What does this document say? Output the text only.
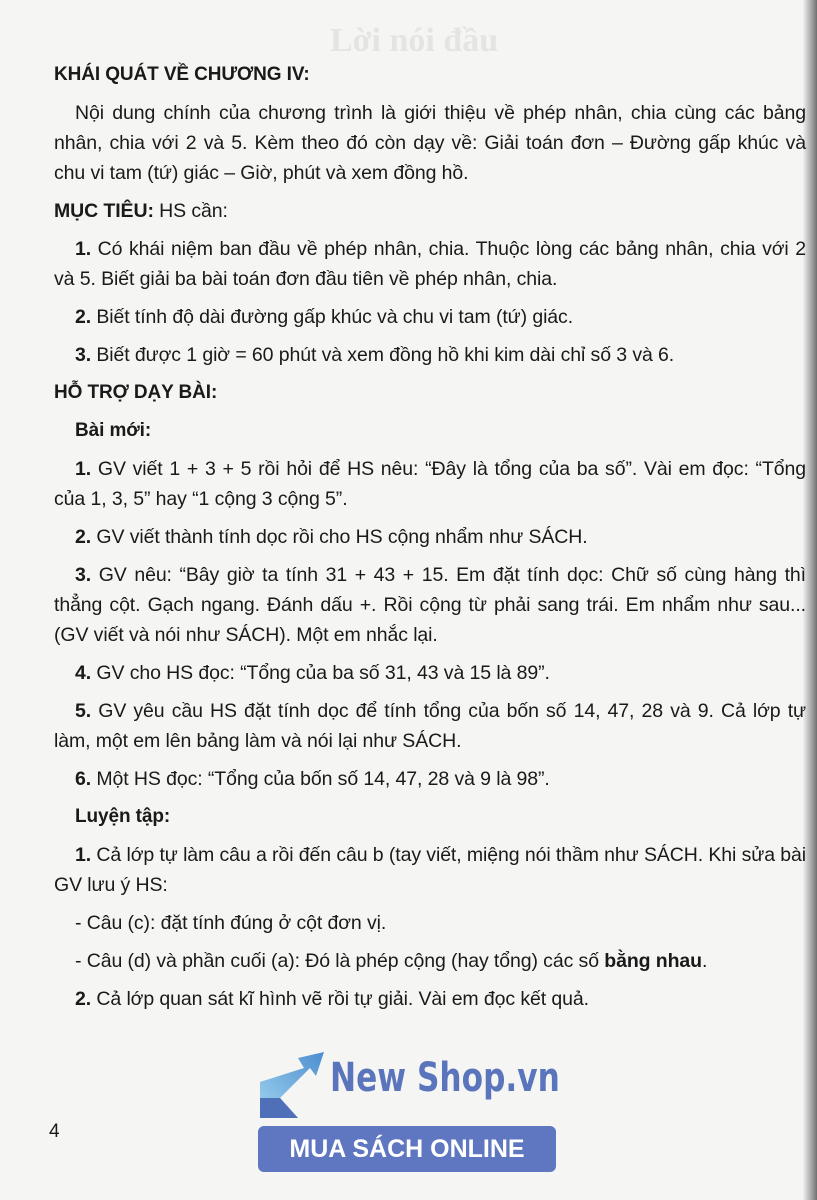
Lời nói đầu
KHÁI QUÁT VỀ CHƯƠNG IV:
Nội dung chính của chương trình là giới thiệu về phép nhân, chia cùng các bảng nhân, chia với 2 và 5. Kèm theo đó còn dạy về: Giải toán đơn – Đường gấp khúc và chu vi tam (tứ) giác – Giờ, phút và xem đồng hồ.
MỤC TIÊU: HS cần:
1. Có khái niệm ban đầu về phép nhân, chia. Thuộc lòng các bảng nhân, chia với 2 và 5. Biết giải ba bài toán đơn đầu tiên về phép nhân, chia.
2. Biết tính độ dài đường gấp khúc và chu vi tam (tứ) giác.
3. Biết được 1 giờ = 60 phút và xem đồng hồ khi kim dài chỉ số 3 và 6.
HỖ TRỢ DẠY BÀI:
Bài mới:
1. GV viết 1 + 3 + 5 rồi hỏi để HS nêu: “Đây là tổng của ba số”. Vài em đọc: “Tổng của 1, 3, 5” hay “1 cộng 3 cộng 5”.
2. GV viết thành tính dọc rồi cho HS cộng nhẩm như SÁCH.
3. GV nêu: “Bây giờ ta tính 31 + 43 + 15. Em đặt tính dọc: Chữ số cùng hàng thì thẳng cột. Gạch ngang. Đánh dấu +. Rồi cộng từ phải sang trái. Em nhẩm như sau... (GV viết và nói như SÁCH). Một em nhắc lại.
4. GV cho HS đọc: “Tổng của ba số 31, 43 và 15 là 89”.
5. GV yêu cầu HS đặt tính dọc để tính tổng của bốn số 14, 47, 28 và 9. Cả lớp tự làm, một em lên bảng làm và nói lại như SÁCH.
6. Một HS đọc: “Tổng của bốn số 14, 47, 28 và 9 là 98”.
Luyện tập:
1. Cả lớp tự làm câu a rồi đến câu b (tay viết, miệng nói thầm như SÁCH. Khi sửa bài GV lưu ý HS:
- Câu (c): đặt tính đúng ở cột đơn vị.
- Câu (d) và phần cuối (a): Đó là phép cộng (hay tổng) các số bằng nhau.
2. Cả lớp quan sát kĩ hình vẽ rồi tự giải. Vài em đọc kết quả.
4
New Shop.vn
MUA SÁCH ONLINE
